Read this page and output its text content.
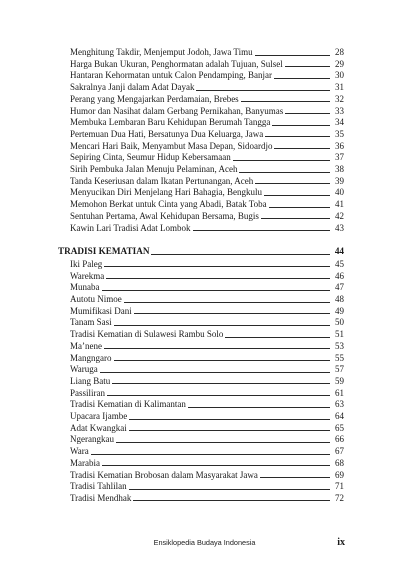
Menghitung Takdir, Menjemput Jodoh, Jawa Timu	28
Harga Bukan Ukuran, Penghormatan adalah Tujuan, Sulsel	29
Hantaran Kehormatan untuk Calon Pendamping, Banjar	30
Sakralnya Janji dalam Adat Dayak	31
Perang yang Mengajarkan Perdamaian, Brebes	32
Humor dan Nasihat dalam Gerbang Pernikahan, Banyumas	33
Membuka Lembaran Baru Kehidupan Berumah Tangga	34
Pertemuan Dua Hati, Bersatunya Dua Keluarga, Jawa	35
Mencari Hari Baik, Menyambut Masa Depan, Sidoardjo	36
Sepiring Cinta, Seumur Hidup Kebersamaan	37
Sirih Pembuka Jalan Menuju Pelaminan, Aceh	38
Tanda Keseriusan dalam Ikatan Pertunangan, Aceh	39
Menyucikan Diri Menjelang Hari Bahagia, Bengkulu	40
Memohon Berkat untuk Cinta yang Abadi, Batak Toba	41
Sentuhan Pertama, Awal Kehidupan Bersama, Bugis	42
Kawin Lari Tradisi Adat Lombok	43
TRADISI KEMATIAN	44
Iki Paleg	45
Warekma	46
Munaba	47
Autotu Nimoe	48
Mumifikasi Dani	49
Tanam Sasi	50
Tradisi Kematian di Sulawesi Rambu Solo	51
Ma’nene	53
Mangngaro	55
Waruga	57
Liang Batu	59
Passiliran	61
Tradisi Kematian di Kalimantan	63
Upacara Ijambe	64
Adat Kwangkai	65
Ngerangkau	66
Wara	67
Marabia	68
Tradisi Kematian Brobosan dalam Masyarakat Jawa	69
Tradisi Tahlilan	71
Tradisi Mendhak	72
Ensiklopedia Budaya Indonesia	ix
